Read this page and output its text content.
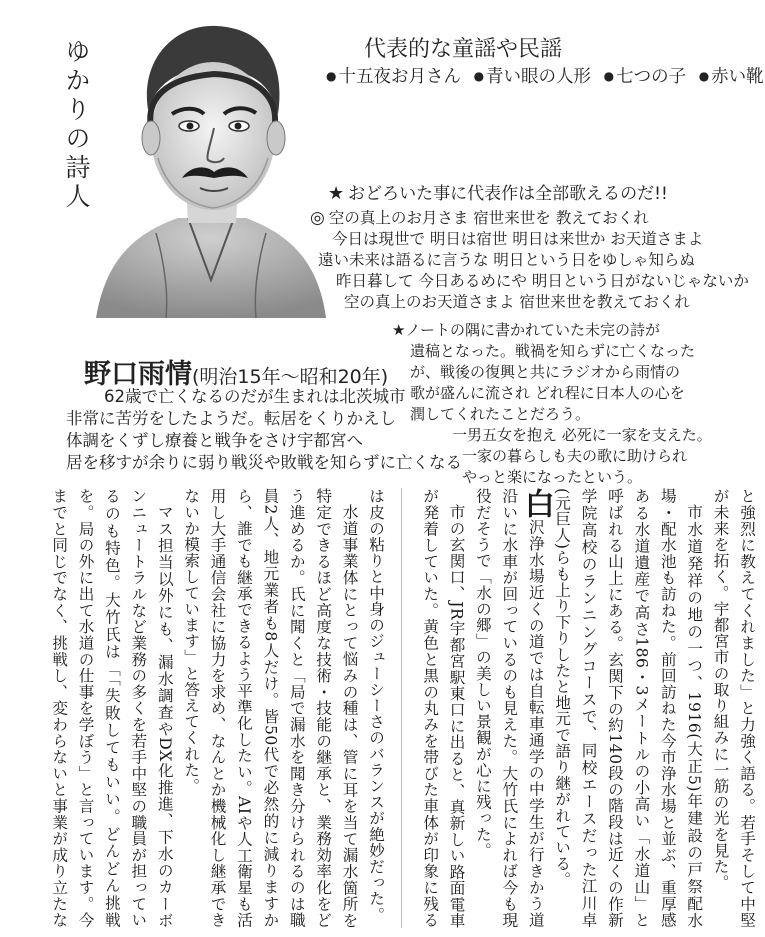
ゆかりの詩人	代表的な童謡や民謡
● 十五夜お月さん ● 青い眼の人形 ● 七つの子 ● 赤い靴
★ おどろいた事に代表作は全部歌えるのだ!!
◎ 空の真上のお月さま 宿世来世を 教えておくれ
今日は現世で 明日は宿世 明日は来世か お天道さまよ
遠い未来は語るに言うな 明日という日をゆしゃ知らぬ
昨日暮して 今日あるめにや 明日という日がないじゃないか
空の真上のお天道さまよ 宿世来世を教えておくれ
★ノートの隅に書かれていた未完の詩が
遺稿となった。戦禍を知らずに亡くなった
が、戦後の復興と共にラジオから雨情の
歌が盛んに流され どれ程に日本人の心を
潤してくれたことだろう。
一男五女を抱え 必死に一家を支えた。
一家の暮らしも夫の歌に助けられ
やっと楽になったという。
野口雨情(明治15年〜昭和20年)
62歳で亡くなるのだが生まれは北茨城市
非常に苦労をしたようだ。転居をくりかえし
体調をくずし療養と戦争をさけ宇都宮へ
居を移すが余りに弱り戦災や敗戦を知らずに亡くなる

と強烈に教えてくれました」と力強く語る。若手そして中堅が未来を拓く。宇都宮市の取り組みに一筋の光を見た。

市水道発祥の地の一つ、1916(大正5)年建設の戸祭配水場・配水池も訪ねた。前回訪ねた今市浄水場と並ぶ、重厚感ある水道遺産で高さ186・3メートルの小高い「水道山」と呼ばれる山上にある。玄関下の約140段の階段は近くの作新学院高校のランニングコースで、同校エースだった江川卓(元巨人)らも上り下りしたと地元で語り継がれている。

白沢浄水場近くの道では自転車通学の中学生が行きかう道沿いに水車が回っているのも見えた。大竹氏によれば今も現役だそうで「水の郷」の美しい景観が心に残った。

市の玄関口、JR宇都宮駅東口に出ると、真新しい路面電車が発着していた。黄色と黒の丸みを帯びた車体が印象に残る

は皮の粘りと中身のジューシーさのバランスが絶妙だった。

水道事業体にとって悩みの種は、管に耳を当て漏水箇所を特定できるほど高度な技術・技能の継承と、業務効率化をどう進めるか。氏に聞くと「局で漏水を聞き分けられるのは職員2人、地元業者も8人だけ。皆50代で必然的に減りますから、誰でも継承できるよう平準化したい。AIや人工衛星も活用し大手通信会社に協力を求め、なんとか機械化し継承できないか模索しています」と答えてくれた。

マス担当以外にも、漏水調査やDX化推進、下水のカーボンニュートラルなど業務の多くを若手中堅の職員が担っているのも特色。大竹氏は「「失敗してもいい。どんどん挑戦を。局の外に出て水道の仕事を学ぼう」と言っています。今までと同じでなく、挑戦し、変わらないと事業が成り立たな
